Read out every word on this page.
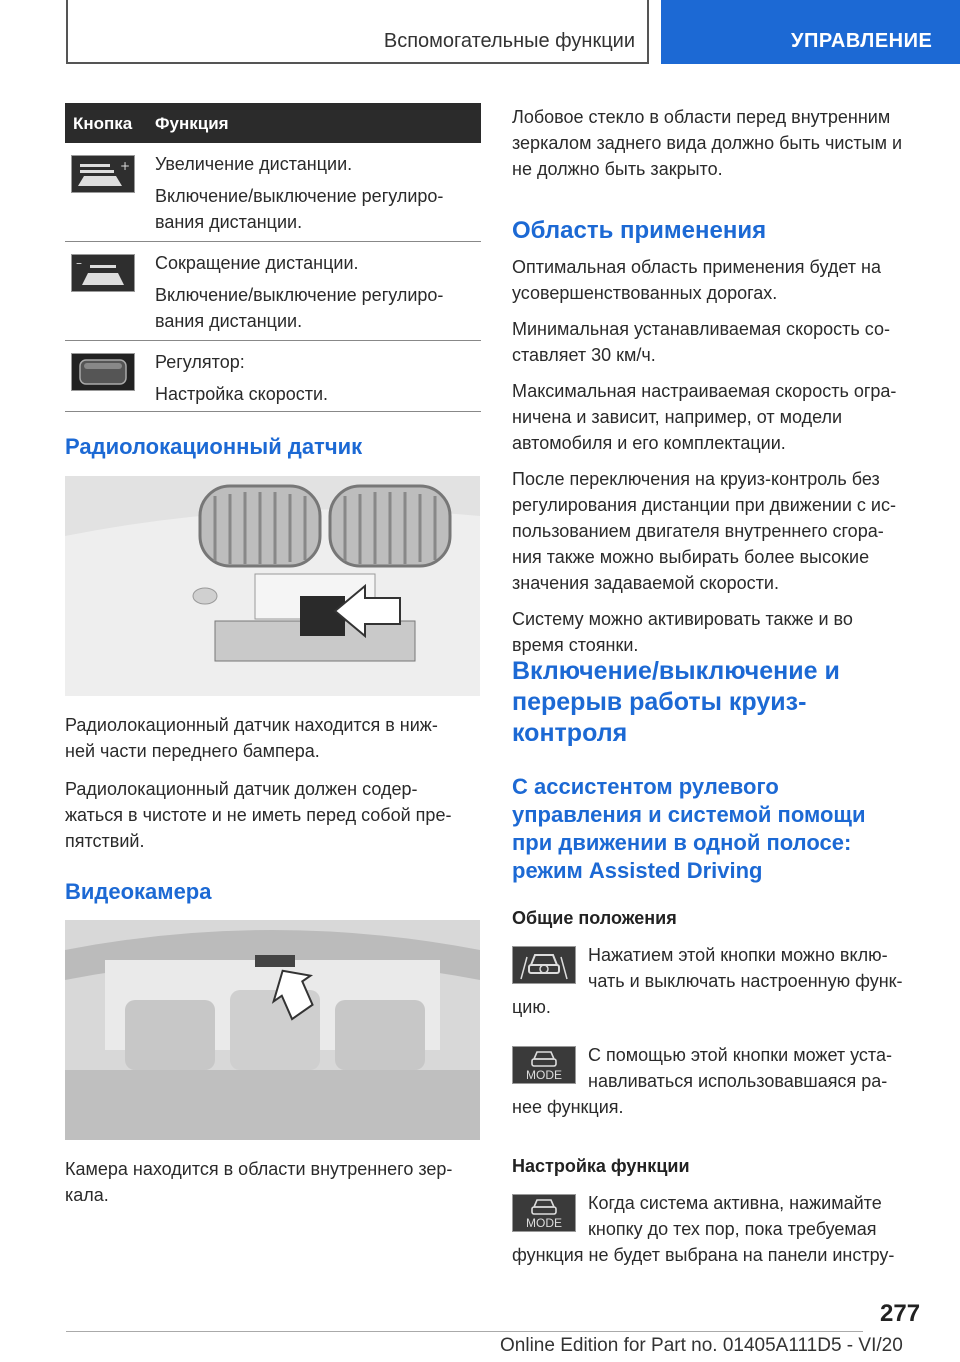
Вспомогательные функции	УПРАВЛЕНИЕ
Кнопка Функция
+ Увеличение дистанции.

Включение/выключение регулиро-
вания дистанции.

–	Сокращение дистанции.

Включение/выключение регулиро-
вания дистанции.

Регулятор:

Настройка скорости.

Радиолокационный датчик

Радиолокационный датчик находится в ниж-

ней части переднего бампера.

Радиолокационный датчик должен содер-

жаться в чистоте и не иметь перед собой пре-

пятствий.

Видеокамера

Камера находится в области внутреннего зер-

кала.

Лобовое стекло в области перед внутренним

зеркалом заднего вида должно быть чистым и

не должно быть закрыто.

Область применения

Оптимальная область применения будет на

усовершенствованных дорогах.

Минимальная устанавливаемая скорость со-

ставляет 30 км/ч.

Максимальная настраиваемая скорость огра-

ничена и зависит, например, от модели

автомобиля и его комплектации.

После переключения на круиз-контроль без

регулирования дистанции при движении с ис-

пользованием двигателя внутреннего сгора-

ния также можно выбирать более высокие

значения задаваемой скорости.

Систему можно активировать также и во

время стоянки.

Включение/выключение и
перерыв работы круиз-
контроля
С ассистентом рулевого
управления и системой помощи
при движении в одной полосе:
режим Assisted Driving
Общие положения

Нажатием этой кнопки можно вклю-

чать и выключать настроенную функ-

цию.

MODE

С помощью этой кнопки может уста-

навливаться использовавшаяся ра-

нее функция.

Настройка функции
MODE

Когда система активна, нажимайте

кнопку до тех пор, пока требуемая

функция не будет выбрана на панели инстру-

277
Online Edition for Part no. 01405A111D5 - VI/20
